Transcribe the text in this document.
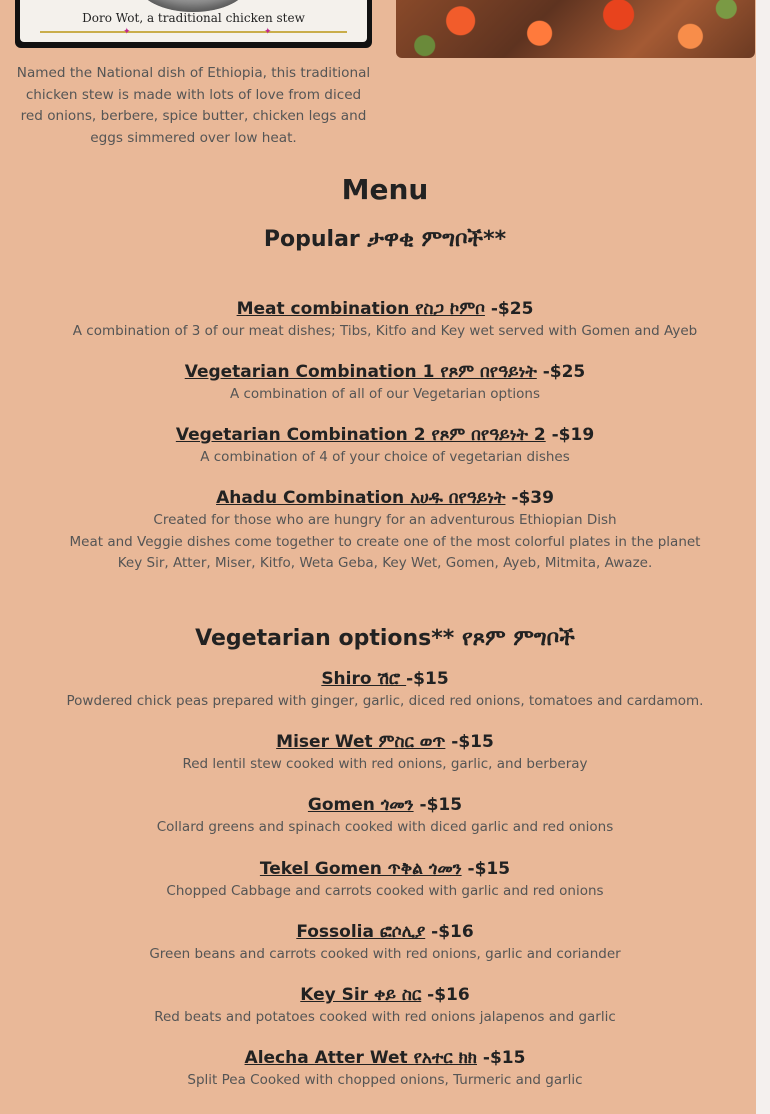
Doro Wot, a traditional chicken stew
✦	✦

Named the National dish of Ethiopia, this traditional chicken stew is made with lots of love from diced red onions, berbere, spice butter, chicken legs and eggs simmered over low heat.

Menu
Popular ታዋቂ ምግቦች**
Meat combination የስጋ ኮምቦ -$25
A combination of 3 of our meat dishes; Tibs, Kitfo and Key wet served with Gomen and Ayeb
Vegetarian Combination 1 የጾም በየዓይነት -$25
A combination of all of our Vegetarian options
Vegetarian Combination 2 የጾም በየዓይነት 2 -$19
A combination of 4 of your choice of vegetarian dishes
Ahadu Combination አሀዱ በየዓይነት -$39
Created for those who are hungry for an adventurous Ethiopian Dish
Meat and Veggie dishes come together to create one of the most colorful plates in the planet
Key Sir, Atter, Miser, Kitfo, Weta Geba, Key Wet, Gomen, Ayeb, Mitmita, Awaze.
Vegetarian options** የጾም ምግቦች
Shiro ሽሮ -$15
Powdered chick peas prepared with ginger, garlic, diced red onions, tomatoes and cardamom.
Miser Wet ምስር ወጥ -$15
Red lentil stew cooked with red onions, garlic, and berberay
Gomen ጎመን -$15
Collard greens and spinach cooked with diced garlic and red onions
Tekel Gomen ጥቅል ጎመን -$15
Chopped Cabbage and carrots cooked with garlic and red onions
Fossolia ፎሶሊያ -$16
Green beans and carrots cooked with red onions, garlic and coriander
Key Sir ቀይ ስር -$16
Red beats and potatoes cooked with red onions jalapenos and garlic
Alecha Atter Wet የአተር ክክ -$15
Split Pea Cooked with chopped onions, Turmeric and garlic
